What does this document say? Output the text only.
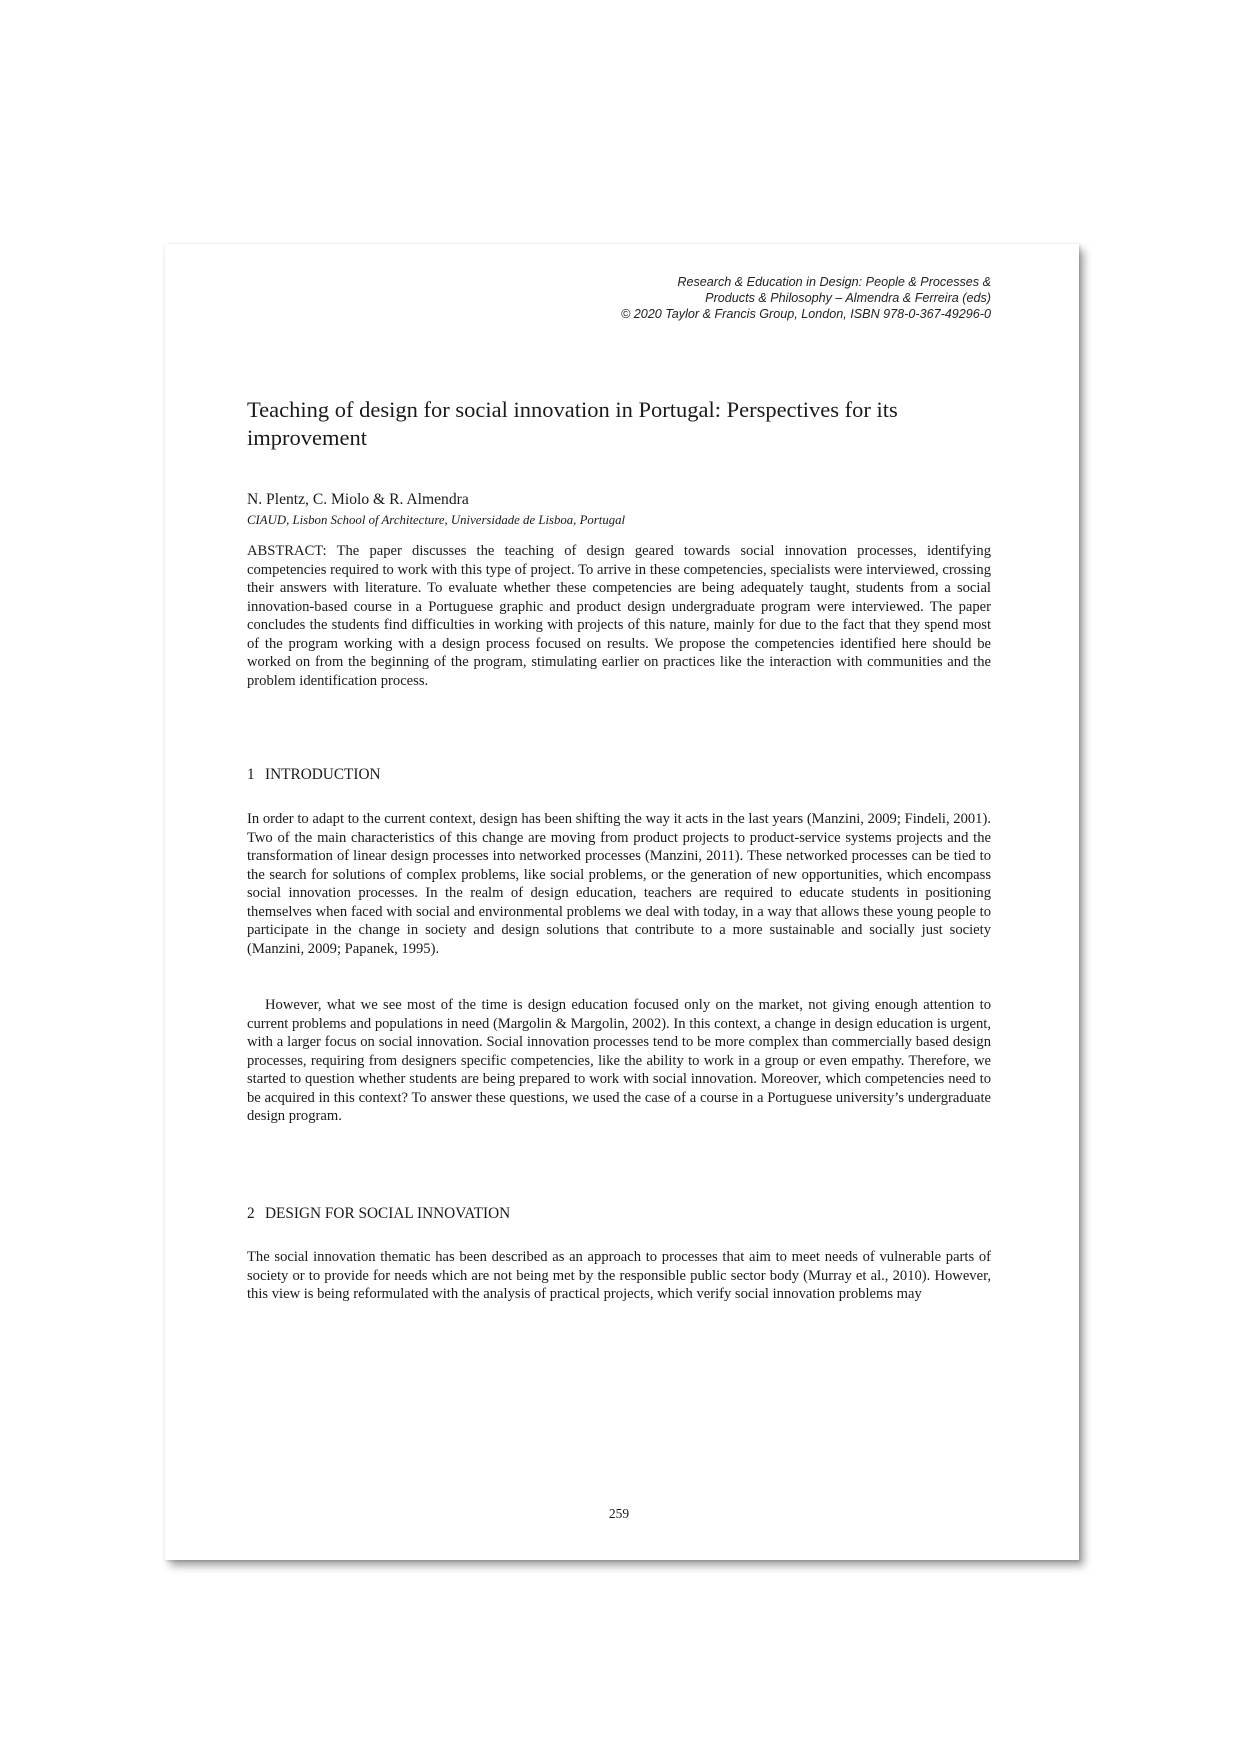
Research & Education in Design: People & Processes &
Products & Philosophy – Almendra & Ferreira (eds)
© 2020 Taylor & Francis Group, London, ISBN 978-0-367-49296-0
Teaching of design for social innovation in Portugal: Perspectives for its improvement
N. Plentz, C. Miolo & R. Almendra
CIAUD, Lisbon School of Architecture, Universidade de Lisboa, Portugal

ABSTRACT: The paper discusses the teaching of design geared towards social innovation processes, identifying competencies required to work with this type of project. To arrive in these competencies, specialists were interviewed, crossing their answers with literature. To evaluate whether these competencies are being adequately taught, students from a social innovation-based course in a Portuguese graphic and product design undergraduate program were interviewed. The paper concludes the students find difficulties in working with projects of this nature, mainly for due to the fact that they spend most of the program working with a design process focused on results. We propose the competencies identified here should be worked on from the beginning of the program, stimulating earlier on practices like the interaction with communities and the problem identification process.

1 INTRODUCTION

In order to adapt to the current context, design has been shifting the way it acts in the last years (Manzini, 2009; Findeli, 2001). Two of the main characteristics of this change are moving from product projects to product-service systems projects and the transformation of linear design processes into networked processes (Manzini, 2011). These networked processes can be tied to the search for solutions of complex problems, like social problems, or the generation of new opportunities, which encompass social innovation processes. In the realm of design education, teachers are required to educate students in positioning themselves when faced with social and environmental problems we deal with today, in a way that allows these young people to participate in the change in society and design solutions that contribute to a more sustainable and socially just society (Manzini, 2009; Papanek, 1995).

However, what we see most of the time is design education focused only on the market, not giving enough attention to current problems and populations in need (Margolin & Margolin, 2002). In this context, a change in design education is urgent, with a larger focus on social innovation. Social innovation processes tend to be more complex than commercially based design processes, requiring from designers specific competencies, like the ability to work in a group or even empathy. Therefore, we started to question whether students are being prepared to work with social innovation. Moreover, which competencies need to be acquired in this context? To answer these questions, we used the case of a course in a Portuguese university’s undergraduate design program.

2 DESIGN FOR SOCIAL INNOVATION

The social innovation thematic has been described as an approach to processes that aim to meet needs of vulnerable parts of society or to provide for needs which are not being met by the responsible public sector body (Murray et al., 2010). However, this view is being reformulated with the analysis of practical projects, which verify social innovation problems may

259
